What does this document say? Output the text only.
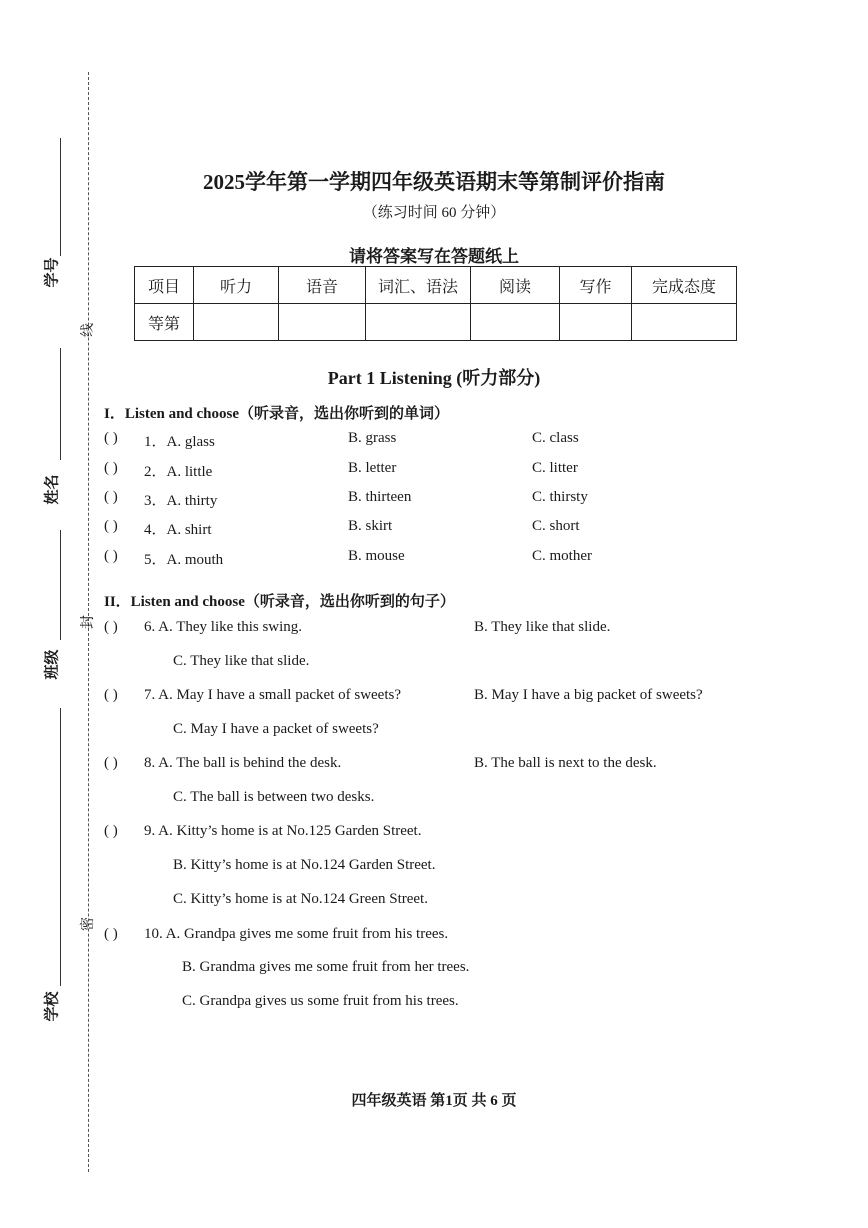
学号
姓名
班级
学校
线
封
密
2025学年第一学期四年级英语期末等第制评价指南
（练习时间 60 分钟）
请将答案写在答题纸上
项目	听力	语音	词汇、语法	阅读	写作	完成态度
等第						
Part 1 Listening (听力部分)
I．Listen and choose（听录音，选出你听到的单词）
( ) 1．A. glass	B. grass	C. class
( ) 2．A. little	B. letter	C. litter
( ) 3．A. thirty	B. thirteen	C. thirsty
( ) 4．A. shirt	B. skirt	C. short
( ) 5．A. mouth	B. mouse	C. mother
II．Listen and choose（听录音，选出你听到的句子）
( ) 6. A. They like this swing.	B. They like that slide.
C. They like that slide.
( ) 7. A. May I have a small packet of sweets?	B. May I have a big packet of sweets?
C. May I have a packet of sweets?
( ) 8. A. The ball is behind the desk.	B. The ball is next to the desk.
C. The ball is between two desks.
( ) 9. A. Kitty’s home is at No.125 Garden Street.
B. Kitty’s home is at No.124 Garden Street.
C. Kitty’s home is at No.124 Green Street.
( ) 10. A. Grandpa gives me some fruit from his trees.
B. Grandma gives me some fruit from her trees.
C. Grandpa gives us some fruit from his trees.
四年级英语 第1页 共 6 页
